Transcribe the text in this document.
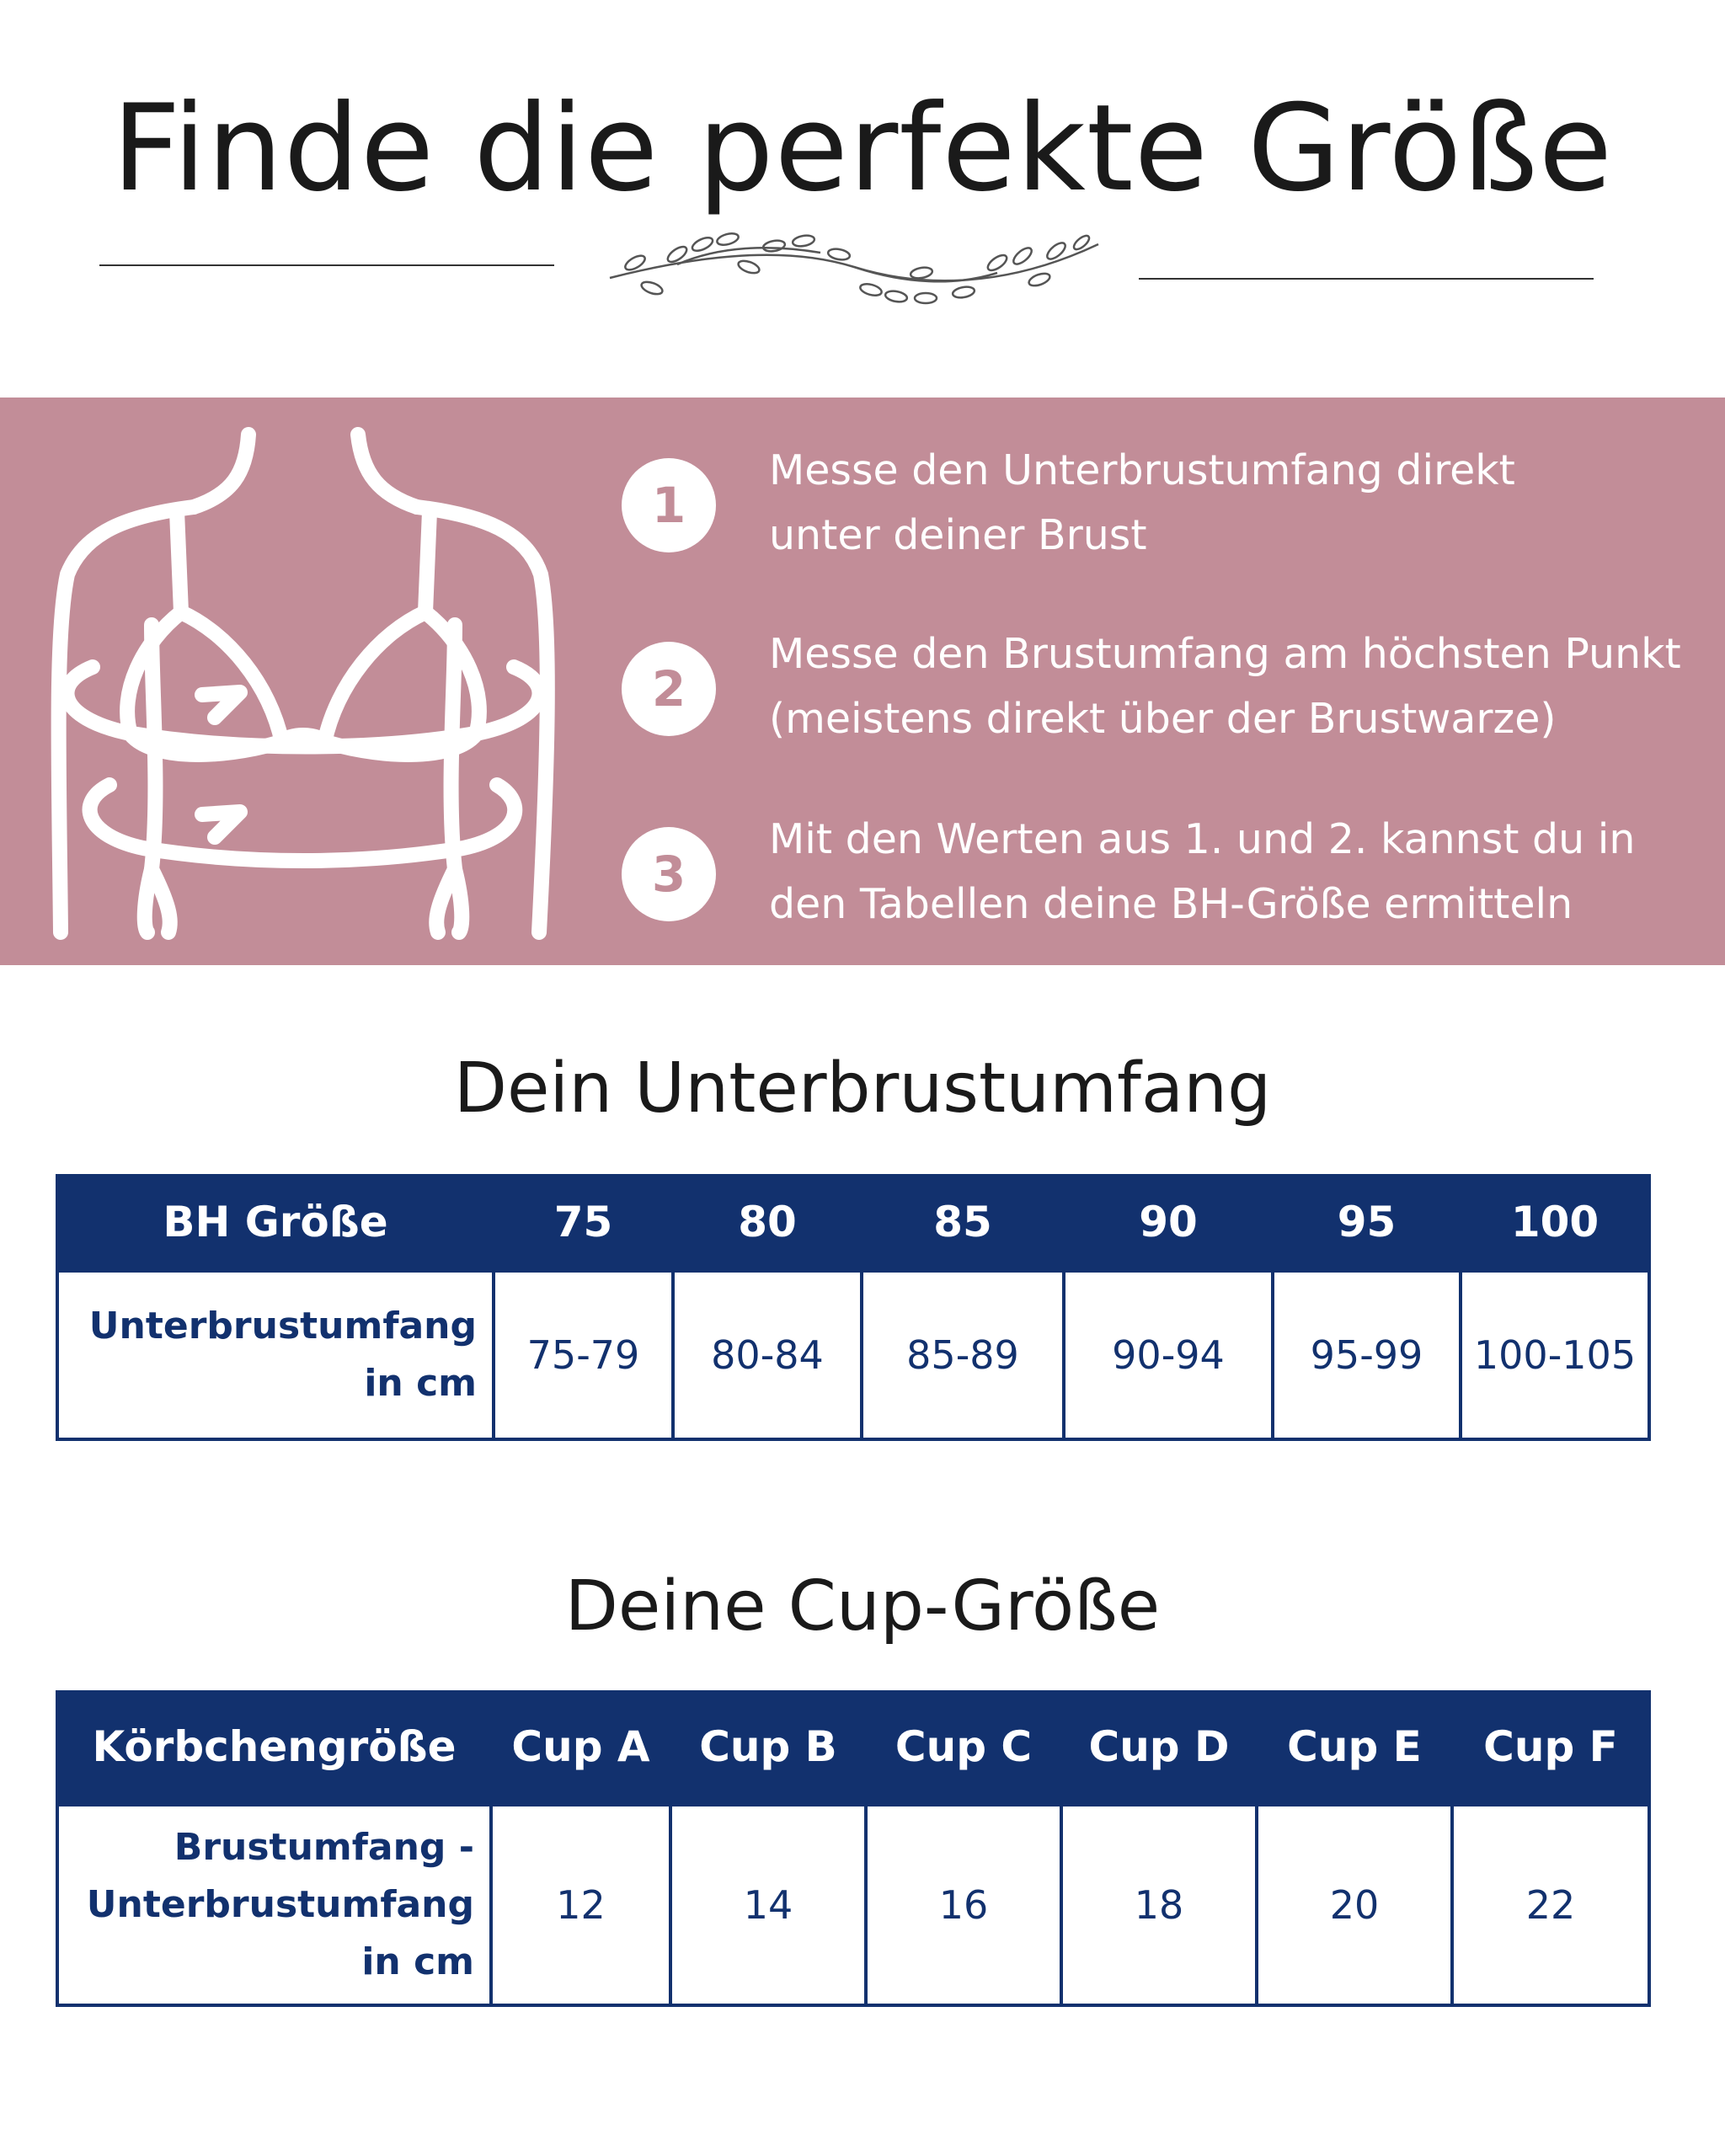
Finde die perfekte Größe
1
Messe den Unterbrustumfang direkt
unter deiner Brust
2
Messe den Brustumfang am höchsten Punkt
(meistens direkt über der Brustwarze)
3
Mit den Werten aus 1. und 2. kannst du in
den Tabellen deine BH-Größe ermitteln
Dein Unterbrustumfang
BH Größe	75	80	85	90	95	100

Unterbrustumfang
in cm	75-79	80-84	85-89	90-94	95-99	100-105
Deine Cup-Größe
Körbchengröße	Cup A	Cup B	Cup C	Cup D	Cup E	Cup F

Brustumfang -
Unterbrustumfang
in cm	12	14	16	18	20	22
